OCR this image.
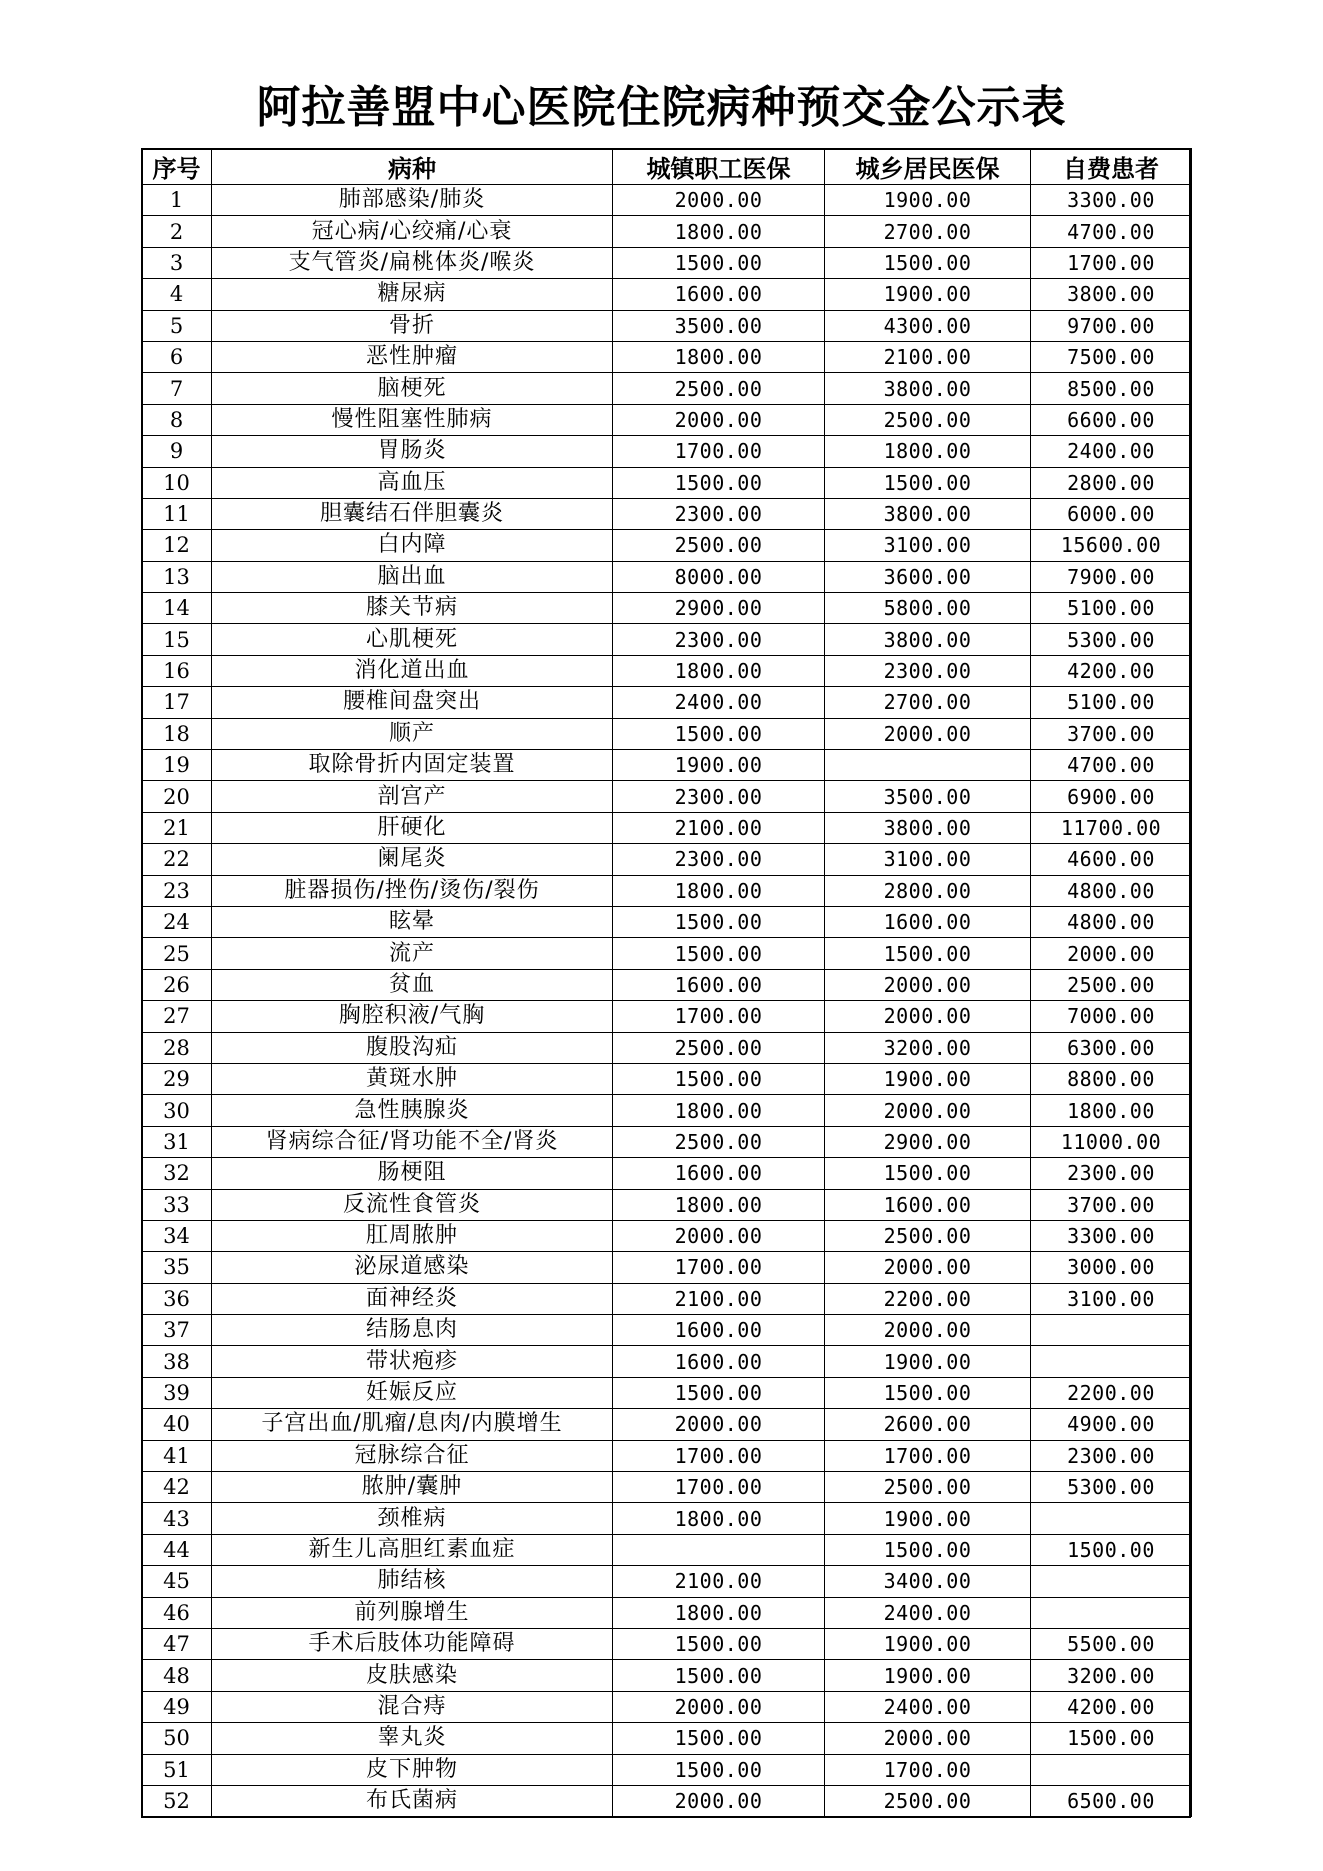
阿拉善盟中心医院住院病种预交金公示表
序号	病种	城镇职工医保	城乡居民医保	自费患者
1	肺部感染/肺炎	2000.00	1900.00	3300.00
2	冠心病/心绞痛/心衰	1800.00	2700.00	4700.00
3	支气管炎/扁桃体炎/喉炎	1500.00	1500.00	1700.00
4	糖尿病	1600.00	1900.00	3800.00
5	骨折	3500.00	4300.00	9700.00
6	恶性肿瘤	1800.00	2100.00	7500.00
7	脑梗死	2500.00	3800.00	8500.00
8	慢性阻塞性肺病	2000.00	2500.00	6600.00
9	胃肠炎	1700.00	1800.00	2400.00
10	高血压	1500.00	1500.00	2800.00
11	胆囊结石伴胆囊炎	2300.00	3800.00	6000.00
12	白内障	2500.00	3100.00	15600.00
13	脑出血	8000.00	3600.00	7900.00
14	膝关节病	2900.00	5800.00	5100.00
15	心肌梗死	2300.00	3800.00	5300.00
16	消化道出血	1800.00	2300.00	4200.00
17	腰椎间盘突出	2400.00	2700.00	5100.00
18	顺产	1500.00	2000.00	3700.00
19	取除骨折内固定装置	1900.00		4700.00
20	剖宫产	2300.00	3500.00	6900.00
21	肝硬化	2100.00	3800.00	11700.00
22	阑尾炎	2300.00	3100.00	4600.00
23	脏器损伤/挫伤/烫伤/裂伤	1800.00	2800.00	4800.00
24	眩晕	1500.00	1600.00	4800.00
25	流产	1500.00	1500.00	2000.00
26	贫血	1600.00	2000.00	2500.00
27	胸腔积液/气胸	1700.00	2000.00	7000.00
28	腹股沟疝	2500.00	3200.00	6300.00
29	黄斑水肿	1500.00	1900.00	8800.00
30	急性胰腺炎	1800.00	2000.00	1800.00
31	肾病综合征/肾功能不全/肾炎	2500.00	2900.00	11000.00
32	肠梗阻	1600.00	1500.00	2300.00
33	反流性食管炎	1800.00	1600.00	3700.00
34	肛周脓肿	2000.00	2500.00	3300.00
35	泌尿道感染	1700.00	2000.00	3000.00
36	面神经炎	2100.00	2200.00	3100.00
37	结肠息肉	1600.00	2000.00	
38	带状疱疹	1600.00	1900.00	
39	妊娠反应	1500.00	1500.00	2200.00
40	子宫出血/肌瘤/息肉/内膜增生	2000.00	2600.00	4900.00
41	冠脉综合征	1700.00	1700.00	2300.00
42	脓肿/囊肿	1700.00	2500.00	5300.00
43	颈椎病	1800.00	1900.00	
44	新生儿高胆红素血症		1500.00	1500.00
45	肺结核	2100.00	3400.00	
46	前列腺增生	1800.00	2400.00	
47	手术后肢体功能障碍	1500.00	1900.00	5500.00
48	皮肤感染	1500.00	1900.00	3200.00
49	混合痔	2000.00	2400.00	4200.00
50	睾丸炎	1500.00	2000.00	1500.00
51	皮下肿物	1500.00	1700.00	
52	布氏菌病	2000.00	2500.00	6500.00
